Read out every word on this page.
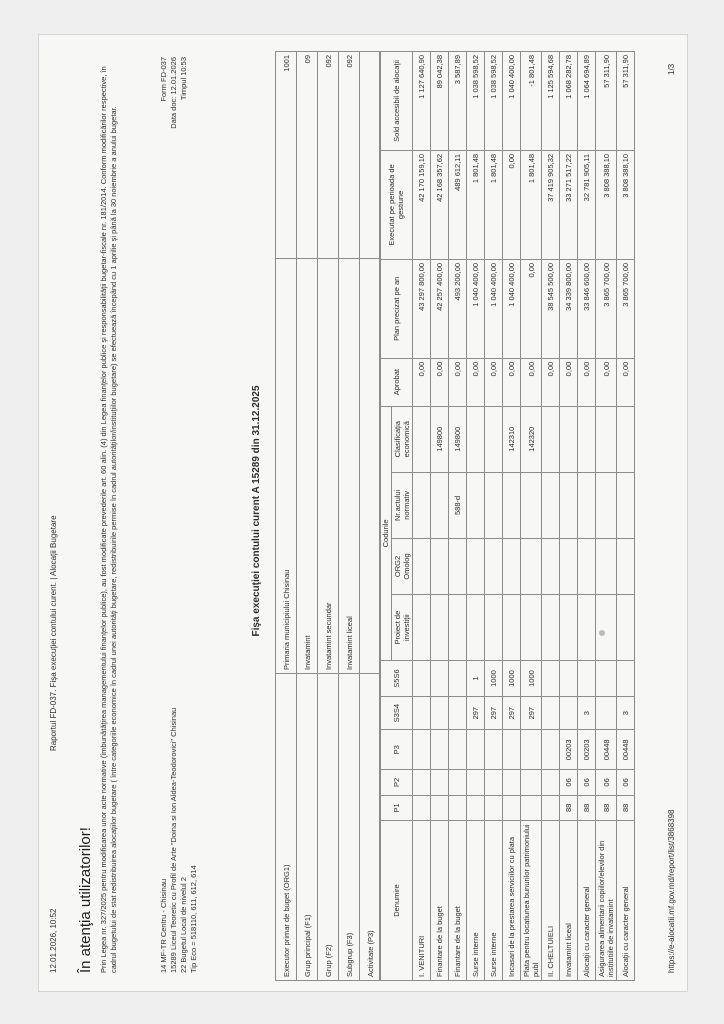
12.01.2026, 10:52
Raportul FD-037. Fişa execuţiei contului curent. | Alocaţii Bugetare
În atenţia utilizatorilor! Prin Legea nr. 327/2025 pentru modificarea unor acte normative (îmbunătăţirea managementului finanţelor publice), au fost modificate prevederile art. 60 alin. (4) din Legea finanţelor publice şi responsabilităţii bugetar-fiscale nr. 181/2014. Conform modificărilor respective, în cadrul bugetului de stat redistribuirea alocaţiilor bugetare ( între categoriile economice în cadrul unei autorităţi bugetare, redistribuirile permise în cadrul autorităţilor/instituţiilor bugetare) se efectuează începând cu 1 aprilie şi până la 30 noiembrie a anului bugetar.	14 MF-TR Centru - Chisinau 15289 Liceul Teoretic cu Profil de Arte "Doina si Ion Aldea-Teodorovici" Chisinau 22 Bugetul Local de nivelul 2 Tip Eco = 518110, 611, 612, 614
Form FD-037 Data doc: 12.01.2026 Timpul 10:53
Fişa execuţiei contului curent A 15289 din 31.12.2025
Executor primar de buget (ORG1)	Primaria municipiului Chisinau	1001
Grup principal (F1)	Invatamint	09
Grup (F2)	Invatamint secundar	092
Subgrup (F3)	Invatamint liceal	092
Activitate (P3)		
Denumire	P1	P2	P3	S3S4	S5S6	Codurile				Aprobat	Plan precizat pe an	Executat pe perioada de gestiune	Sold accesibil de alocaţii
						Proiect de investiţii	ORG2 Omolog	Nr.actului normativ	Clasificaţia economică				
I. VENITURI										0,00	43 297 800,00	42 170 159,10	1 127 640,90
Finantare de la buget									149800	0,00	42 257 400,00	42 168 357,62	89 042,38
Finantare de la buget								588-d	149800	0,00	493 200,00	489 612,11	3 587,89
Surse interne				297	1					0,00	1 040 400,00	1 801,48	1 038 598,52
Surse interne				297	1000					0,00	1 040 400,00	1 801,48	1 038 598,52
Incasari de la prestarea serviciilor cu plata				297	1000				142310	0,00	1 040 400,00	0,00	1 040 400,00
Plata pentru locatiunea bunurilor patrimoniului publ				297	1000				142320	0,00	0,00	1 801,48	-1 801,48
II. CHELTUIELI										0,00	38 545 500,00	37 419 905,32	1 125 594,68
Invatamint liceal	88	06	00203							0,00	34 339 800,00	33 271 517,22	1 068 282,78
Alocaţii cu caracter general	88	06	00203	3						0,00	33 846 600,00	32 781 905,11	1 064 694,89
Asigurarea alimentarii copiilor/elevilor din institutiile de invatamint	88	06	00448							0,00	3 865 700,00	3 808 388,10	57 311,90
Alocaţii cu caracter general	88	06	00448	3						0,00	3 865 700,00	3 808 388,10	57 311,90
https://e-alocatii.mf.gov.md/report/list/3868398
1/3
